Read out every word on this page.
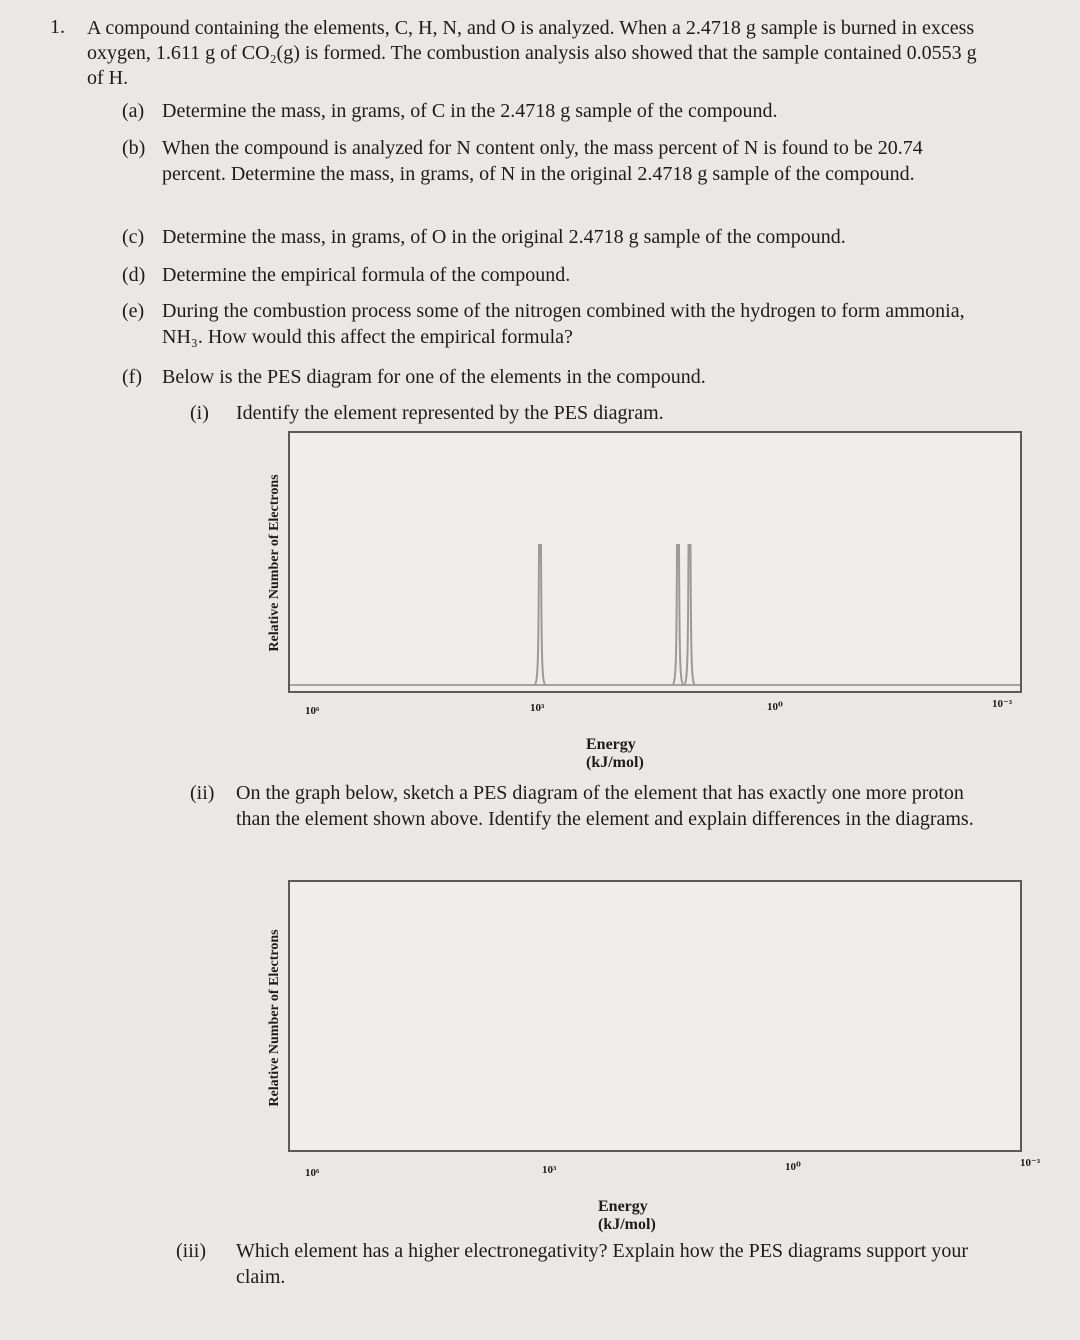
1. A compound containing the elements, C, H, N, and O is analyzed. When a 2.4718 g sample is burned in excess oxygen, 1.611 g of CO₂(g) is formed. The combustion analysis also showed that the sample contained 0.0553 g of H.
(a) Determine the mass, in grams, of C in the 2.4718 g sample of the compound.
(b) When the compound is analyzed for N content only, the mass percent of N is found to be 20.74 percent. Determine the mass, in grams, of N in the original 2.4718 g sample of the compound.
(c) Determine the mass, in grams, of O in the original 2.4718 g sample of the compound.
(d) Determine the empirical formula of the compound.
(e) During the combustion process some of the nitrogen combined with the hydrogen to form ammonia, NH₃. How would this affect the empirical formula?
(f) Below is the PES diagram for one of the elements in the compound.
(i) Identify the element represented by the PES diagram.
Relative Number of Electrons
10⁶	10³	10⁰	10⁻³
Energy (kJ/mol)
(ii) On the graph below, sketch a PES diagram of the element that has exactly one more proton than the element shown above. Identify the element and explain differences in the diagrams.
Relative Number of Electrons
10⁶	10³	10⁰	10⁻³
Energy (kJ/mol)
(iii) Which element has a higher electronegativity? Explain how the PES diagrams support your claim.
